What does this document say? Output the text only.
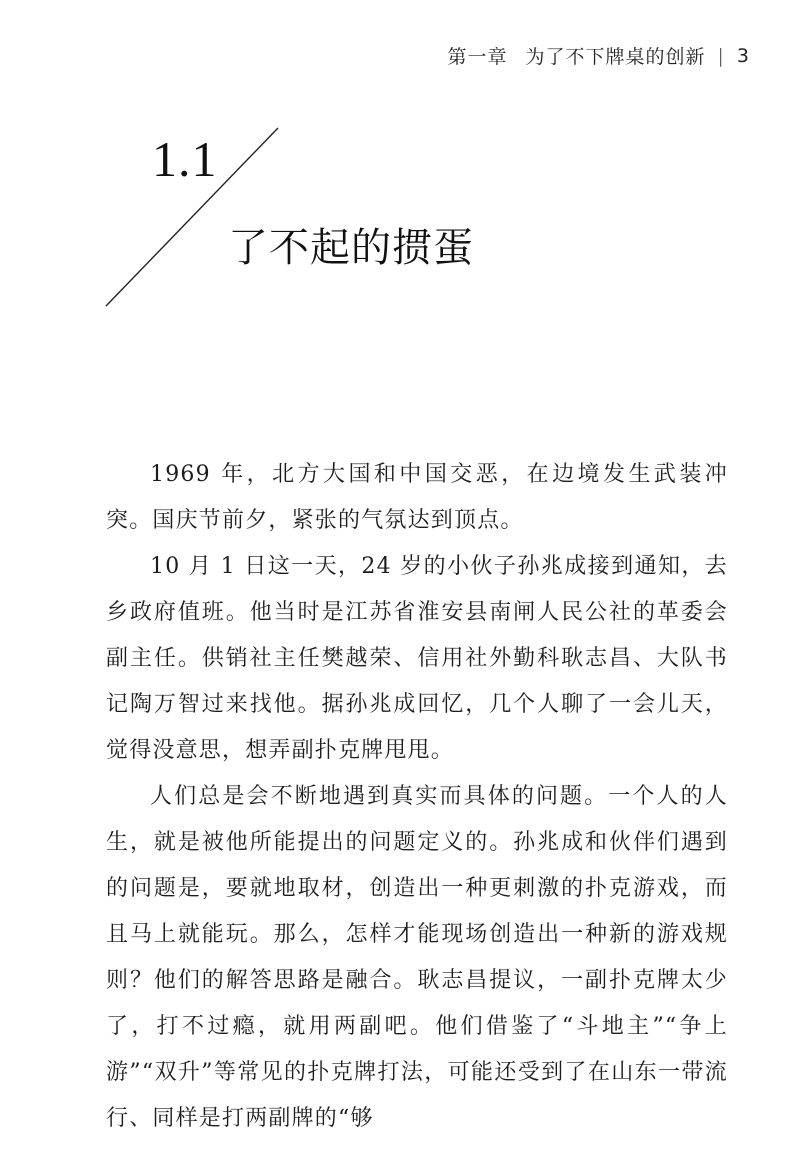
第一章 为了不下牌桌的创新 | 3
1.1
了不起的掼蛋

1969 年，北方大国和中国交恶，在边境发生武装冲突。国庆节前夕，紧张的气氛达到顶点。

10 月 1 日这一天，24 岁的小伙子孙兆成接到通知，去乡政府值班。他当时是江苏省淮安县南闸人民公社的革委会副主任。供销社主任樊越荣、信用社外勤科耿志昌、大队书记陶万智过来找他。据孙兆成回忆，几个人聊了一会儿天，觉得没意思，想弄副扑克牌甩甩。

人们总是会不断地遇到真实而具体的问题。一个人的人生，就是被他所能提出的问题定义的。孙兆成和伙伴们遇到的问题是，要就地取材，创造出一种更刺激的扑克游戏，而且马上就能玩。那么，怎样才能现场创造出一种新的游戏规则？他们的解答思路是融合。耿志昌提议，一副扑克牌太少了，打不过瘾，就用两副吧。他们借鉴了“斗地主”“争上游”“双升”等常见的扑克牌打法，可能还受到了在山东一带流行、同样是打两副牌的“够
